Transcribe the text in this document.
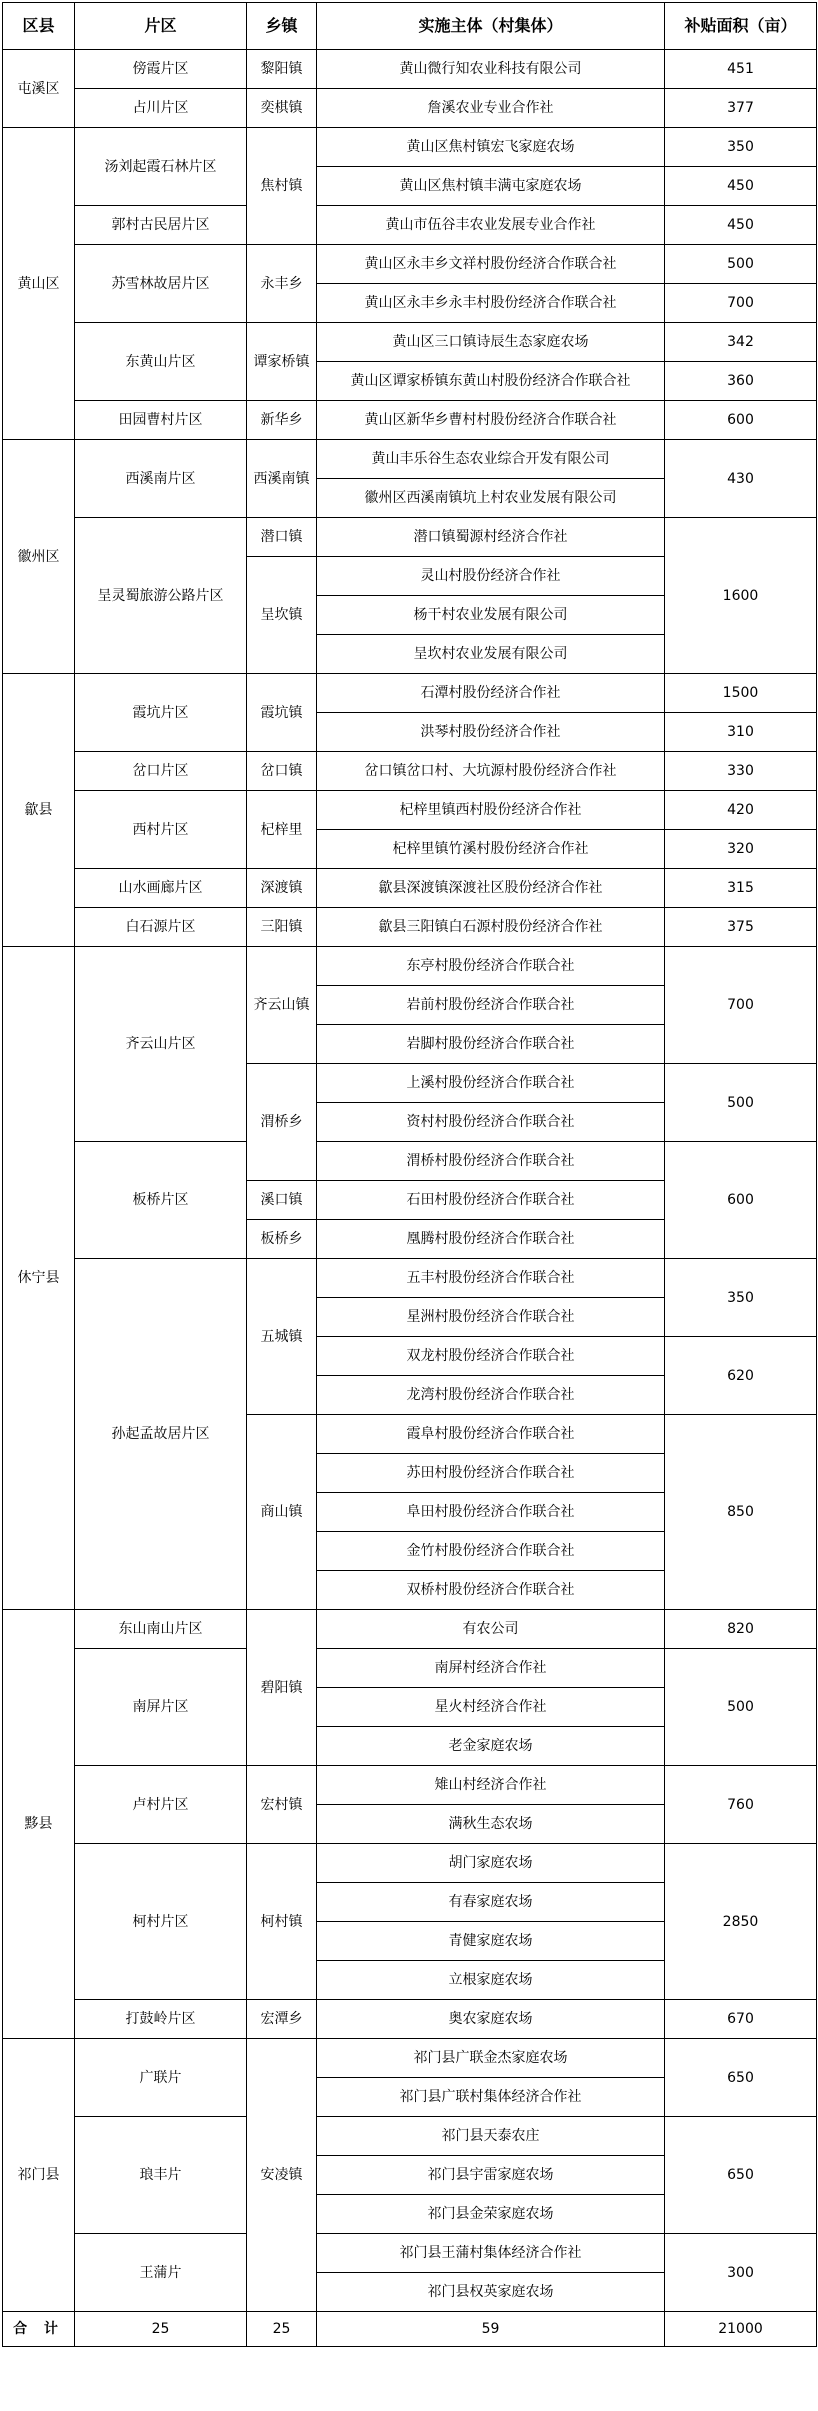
区县	片区	乡镇	实施主体（村集体）	补贴面积（亩）
屯溪区	傍霞片区	黎阳镇	黄山微行知农业科技有限公司	451
	占川片区	奕棋镇	詹溪农业专业合作社	377
黄山区	汤刘起霞石林片区	焦村镇	黄山区焦村镇宏飞家庭农场	350
			黄山区焦村镇丰满屯家庭农场	450
	郭村古民居片区		黄山市伍谷丰农业发展专业合作社	450
	苏雪林故居片区	永丰乡	黄山区永丰乡文祥村股份经济合作联合社	500
			黄山区永丰乡永丰村股份经济合作联合社	700
	东黄山片区	谭家桥镇	黄山区三口镇诗辰生态家庭农场	342
			黄山区谭家桥镇东黄山村股份经济合作联合社	360
	田园曹村片区	新华乡	黄山区新华乡曹村村股份经济合作联合社	600
徽州区	西溪南片区	西溪南镇	黄山丰乐谷生态农业综合开发有限公司	430
			徽州区西溪南镇坑上村农业发展有限公司	
	呈灵蜀旅游公路片区	潜口镇	潜口镇蜀源村经济合作社	1600
		呈坎镇	灵山村股份经济合作社	
			杨干村农业发展有限公司	
			呈坎村农业发展有限公司	
歙县	霞坑片区	霞坑镇	石潭村股份经济合作社	1500
			洪琴村股份经济合作社	310
	岔口片区	岔口镇	岔口镇岔口村、大坑源村股份经济合作社	330
	西村片区	杞梓里	杞梓里镇西村股份经济合作社	420
			杞梓里镇竹溪村股份经济合作社	320
	山水画廊片区	深渡镇	歙县深渡镇深渡社区股份经济合作社	315
	白石源片区	三阳镇	歙县三阳镇白石源村股份经济合作社	375
休宁县	齐云山片区	齐云山镇	东亭村股份经济合作联合社	700
			岩前村股份经济合作联合社	
			岩脚村股份经济合作联合社	
		渭桥乡	上溪村股份经济合作联合社	500
			资村村股份经济合作联合社	
	板桥片区		渭桥村股份经济合作联合社	600
		溪口镇	石田村股份经济合作联合社	
		板桥乡	凰腾村股份经济合作联合社	
	孙起孟故居片区	五城镇	五丰村股份经济合作联合社	350
			星洲村股份经济合作联合社	
			双龙村股份经济合作联合社	620
			龙湾村股份经济合作联合社	
		商山镇	霞阜村股份经济合作联合社	850
			苏田村股份经济合作联合社	
			阜田村股份经济合作联合社	
			金竹村股份经济合作联合社	
			双桥村股份经济合作联合社	
黟县	东山南山片区	碧阳镇	有农公司	820
	南屏片区		南屏村经济合作社	500
			星火村经济合作社	
			老金家庭农场	
	卢村片区	宏村镇	雉山村经济合作社	760
			满秋生态农场	
	柯村片区	柯村镇	胡门家庭农场	2850
			有春家庭农场	
			青健家庭农场	
			立根家庭农场	
	打鼓岭片区	宏潭乡	奥农家庭农场	670
祁门县	广联片	安凌镇	祁门县广联金杰家庭农场	650
			祁门县广联村集体经济合作社	
	琅丰片		祁门县天泰农庄	650
			祁门县宇雷家庭农场	
			祁门县金荣家庭农场	
	王蒲片		祁门县王蒲村集体经济合作社	300
			祁门县权英家庭农场	
合 计	25	25	59	21000
